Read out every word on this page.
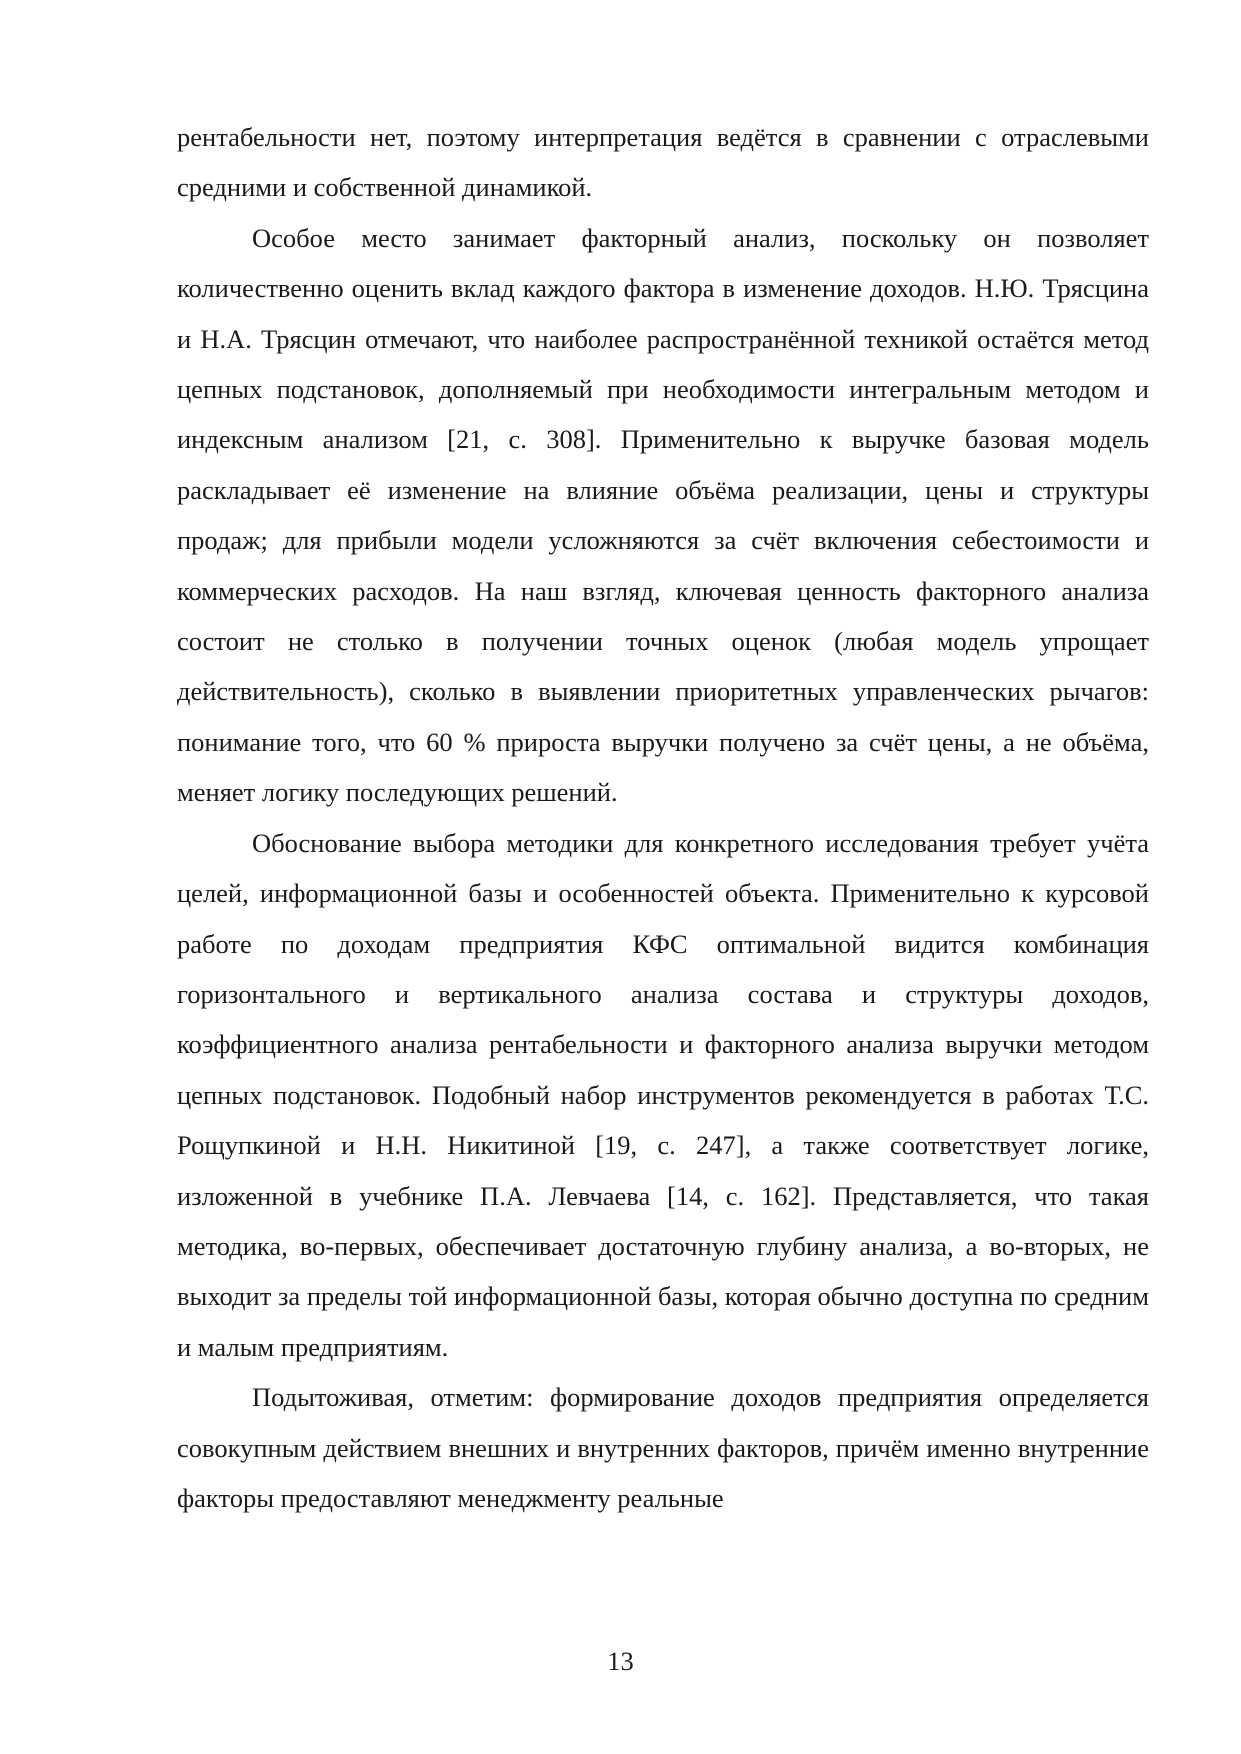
рентабельности нет, поэтому интерпретация ведётся в сравнении с отраслевыми средними и собственной динамикой.

Особое место занимает факторный анализ, поскольку он позволяет количественно оценить вклад каждого фактора в изменение доходов. Н.Ю. Трясцина и Н.А. Трясцин отмечают, что наиболее распространённой техникой остаётся метод цепных подстановок, дополняемый при необходимости интегральным методом и индексным анализом [21, с. 308]. Применительно к выручке базовая модель раскладывает её изменение на влияние объёма реализации, цены и структуры продаж; для прибыли модели усложняются за счёт включения себестоимости и коммерческих расходов. На наш взгляд, ключевая ценность факторного анализа состоит не столько в получении точных оценок (любая модель упрощает действительность), сколько в выявлении приоритетных управленческих рычагов: понимание того, что 60 % прироста выручки получено за счёт цены, а не объёма, меняет логику последующих решений.

Обоснование выбора методики для конкретного исследования требует учёта целей, информационной базы и особенностей объекта. Применительно к курсовой работе по доходам предприятия КФС оптимальной видится комбинация горизонтального и вертикального анализа состава и структуры доходов, коэффициентного анализа рентабельности и факторного анализа выручки методом цепных подстановок. Подобный набор инструментов рекомендуется в работах Т.С. Рощупкиной и Н.Н. Никитиной [19, с. 247], а также соответствует логике, изложенной в учебнике П.А. Левчаева [14, с. 162]. Представляется, что такая методика, во-первых, обеспечивает достаточную глубину анализа, а во-вторых, не выходит за пределы той информационной базы, которая обычно доступна по средним и малым предприятиям.

Подытоживая, отметим: формирование доходов предприятия определяется совокупным действием внешних и внутренних факторов, причём именно внутренние факторы предоставляют менеджменту реальные

13
